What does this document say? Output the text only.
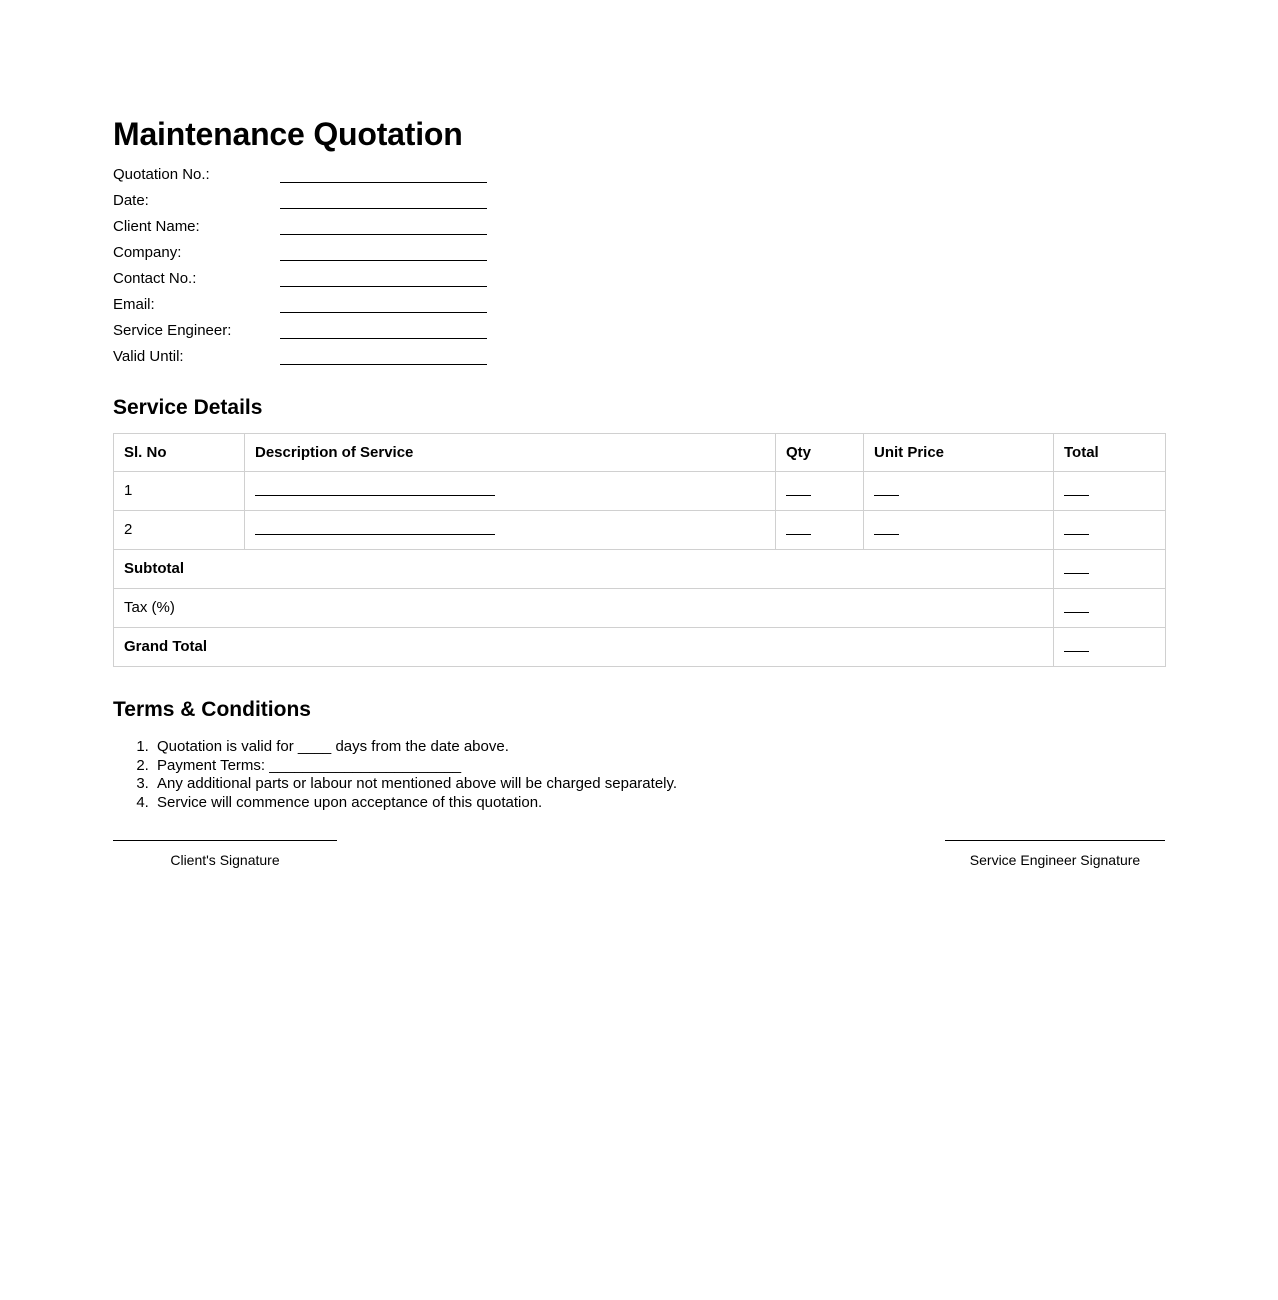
Maintenance Quotation
Quotation No.:
Date:
Client Name:
Company:
Contact No.:
Email:
Service Engineer:
Valid Until:
Service Details
Sl. No	Description of Service	Qty	Unit Price	Total
1				
2				
Subtotal				
Tax (%)				
Grand Total				
Terms & Conditions
1. Quotation is valid for ____ days from the date above.
2. Payment Terms: _______________________
3. Any additional parts or labour not mentioned above will be charged separately.
4. Service will commence upon acceptance of this quotation.
Client's Signature	Service Engineer Signature
